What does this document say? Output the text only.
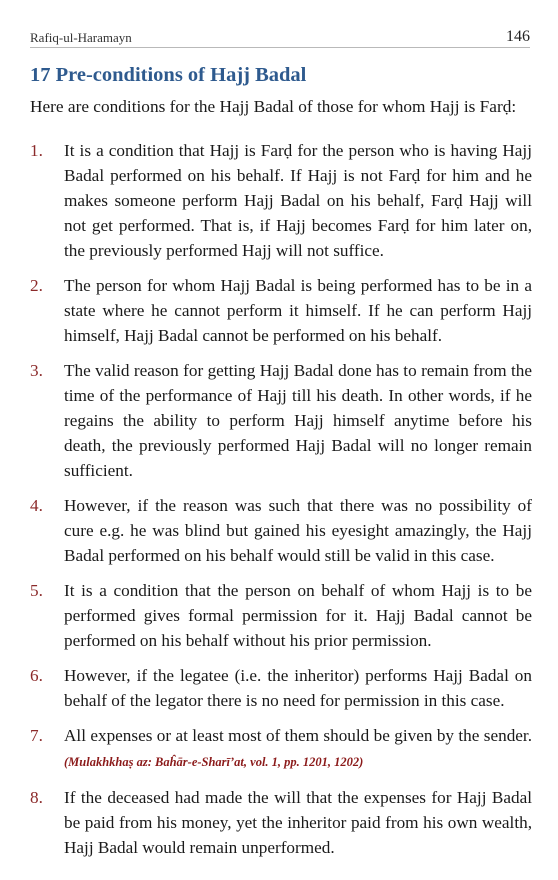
Rafiq-ul-Haramayn	146
17 Pre-conditions of Hajj Badal
Here are conditions for the Hajj Badal of those for whom Hajj is Farḍ:
1.	It is a condition that Hajj is Farḍ for the person who is having Hajj Badal performed on his behalf. If Hajj is not Farḍ for him and he makes someone perform Hajj Badal on his behalf, Farḍ Hajj will not get performed. That is, if Hajj becomes Farḍ for him later on, the previously performed Hajj will not suffice.
2.	The person for whom Hajj Badal is being performed has to be in a state where he cannot perform it himself. If he can perform Hajj himself, Hajj Badal cannot be performed on his behalf.
3.	The valid reason for getting Hajj Badal done has to remain from the time of the performance of Hajj till his death. In other words, if he regains the ability to perform Hajj himself anytime before his death, the previously performed Hajj Badal will no longer remain sufficient.
4.	However, if the reason was such that there was no possibility of cure e.g. he was blind but gained his eyesight amazingly, the Hajj Badal performed on his behalf would still be valid in this case.
5.	It is a condition that the person on behalf of whom Hajj is to be performed gives formal permission for it. Hajj Badal cannot be performed on his behalf without his prior permission.
6.	However, if the legatee (i.e. the inheritor) performs Hajj Badal on behalf of the legator there is no need for permission in this case.
7.	All expenses or at least most of them should be given by the sender. (Mulakhkhaṣ az: Baĥār-e-Sharī’at, vol. 1, pp. 1201, 1202)
8.	If the deceased had made the will that the expenses for Hajj Badal be paid from his money, yet the inheritor paid from his own wealth, Hajj Badal would remain unperformed.
